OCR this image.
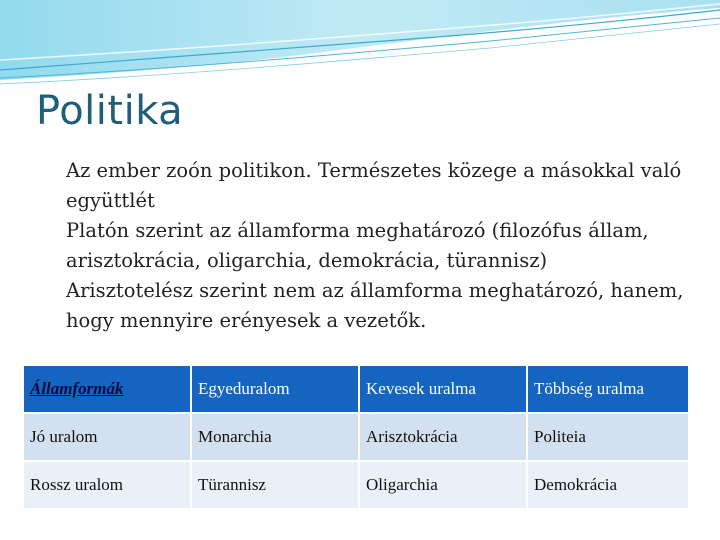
Politika
Az ember zoón politikon. Természetes közege a másokkal való együttlét
Platón szerint az államforma meghatározó (filozófus állam, arisztokrácia, oligarchia, demokrácia, türannisz)
Arisztotelész szerint nem az államforma meghatározó, hanem, hogy mennyire erényesek a vezetők.
Államformák	Egyeduralom	Kevesek uralma	Többség uralma
Jó uralom	Monarchia	Arisztokrácia	Politeia
Rossz uralom	Türannisz	Oligarchia	Demokrácia
